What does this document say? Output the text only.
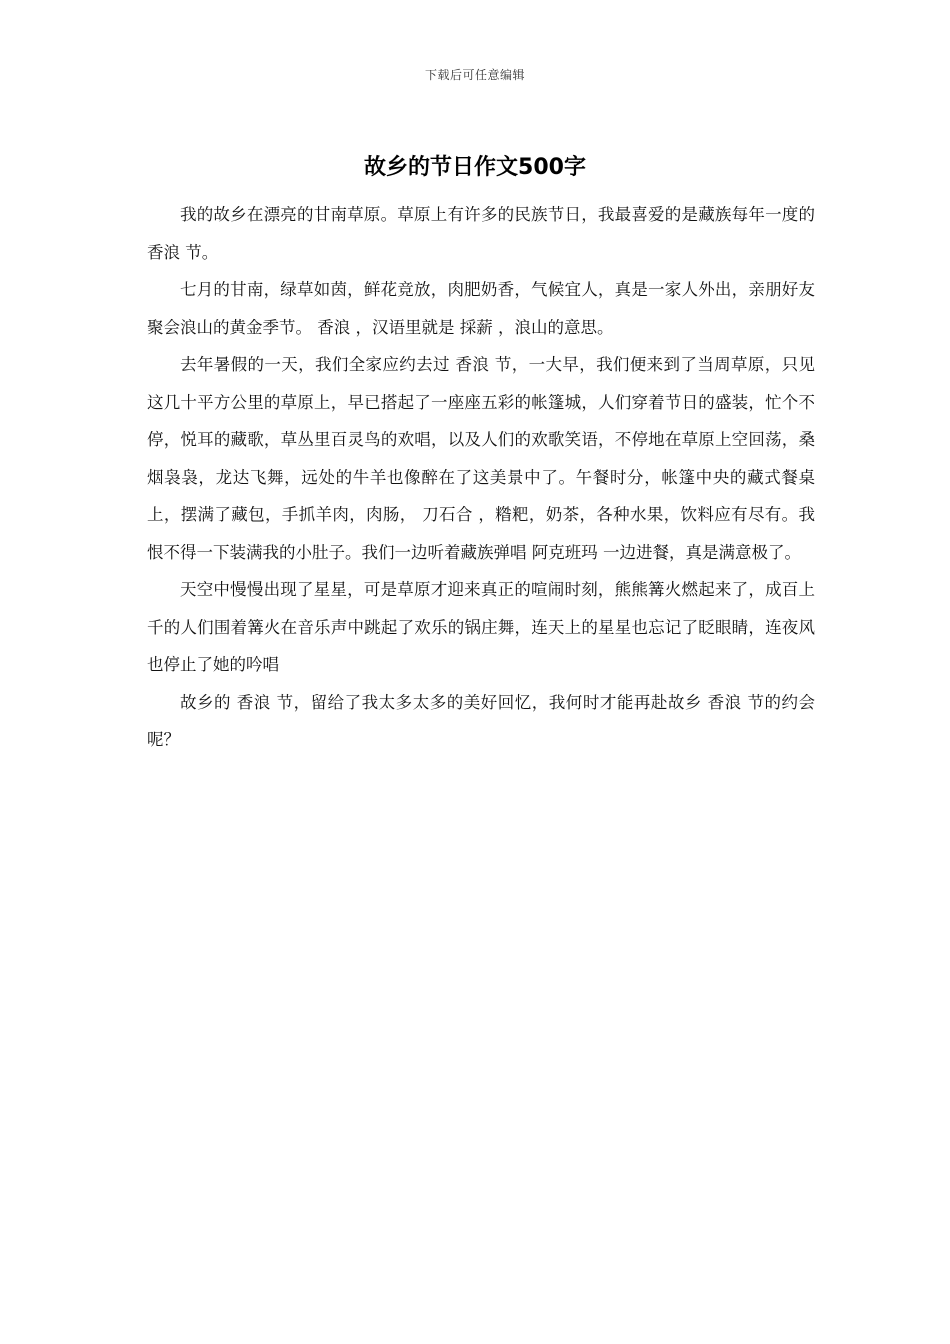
下载后可任意编辑
故乡的节日作文500字

我的故乡在漂亮的甘南草原。草原上有许多的民族节日，我最喜爱的是藏族每年一度的 香浪 节。

七月的甘南，绿草如茵，鲜花竞放，肉肥奶香，气候宜人，真是一家人外出，亲朋好友聚会浪山的黄金季节。 香浪 ，汉语里就是 採薪 ，浪山的意思。

去年暑假的一天，我们全家应约去过 香浪 节，一大早，我们便来到了当周草原，只见这几十平方公里的草原上，早已搭起了一座座五彩的帐篷城，人们穿着节日的盛装，忙个不停，悦耳的藏歌，草丛里百灵鸟的欢唱，以及人们的欢歌笑语，不停地在草原上空回荡，桑烟袅袅，龙达飞舞，远处的牛羊也像醉在了这美景中了。午餐时分，帐篷中央的藏式餐桌上，摆满了藏包，手抓羊肉，肉肠， 刀石合 ，糌粑，奶茶，各种水果，饮料应有尽有。我恨不得一下装满我的小肚子。我们一边听着藏族弹唱 阿克班玛 一边进餐，真是满意极了。

天空中慢慢出现了星星，可是草原才迎来真正的喧闹时刻，熊熊篝火燃起来了，成百上千的人们围着篝火在音乐声中跳起了欢乐的锅庄舞，连天上的星星也忘记了眨眼睛，连夜风也停止了她的吟唱

故乡的 香浪 节，留给了我太多太多的美好回忆，我何时才能再赴故乡 香浪 节的约会呢？
